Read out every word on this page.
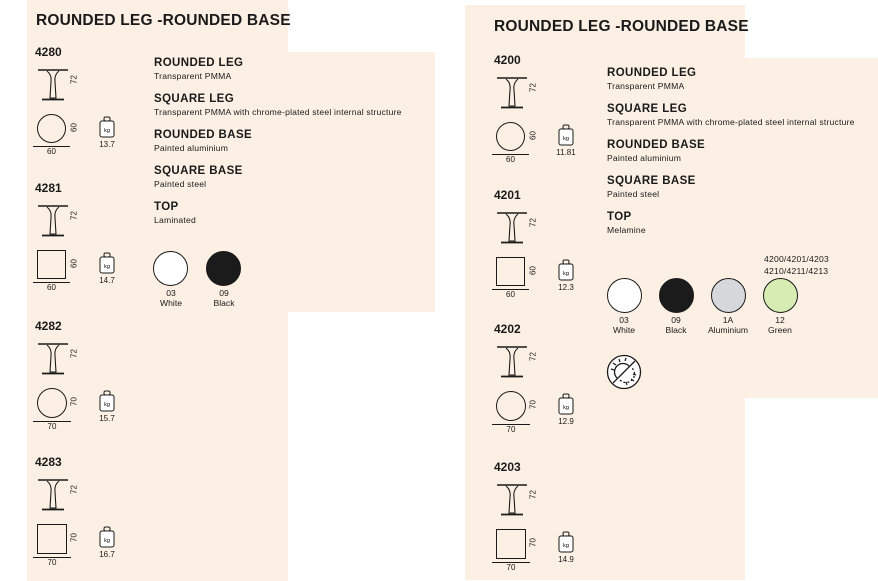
ROUNDED LEG -ROUNDED BASE
ROUNDED LEG
Transparent PMMA
SQUARE LEG
Transparent PMMA with chrome-plated steel internal structure
ROUNDED BASE
Painted aluminium
SQUARE BASE
Painted steel
TOP
Laminated
03
White
09
Black
ROUNDED LEG -ROUNDED BASE
ROUNDED LEG
Transparent PMMA
SQUARE LEG
Transparent PMMA with chrome-plated steel internal structure
ROUNDED BASE
Painted aluminium
SQUARE BASE
Painted steel
TOP
Melamine
4200/4201/4203
4210/4211/4213
03
White
09
Black
1A
Aluminium
12
Green
4280
72
60
60
kg
13.7
4281
72
60
60
kg
14.7
4282
72
70
70
kg
15.7
4283
72
70
70
kg
16.7
4200
72
60
60
kg
11.81
4201
72
60
60
kg
12.3
4202
72
70
70
kg
12.9
4203
72
70
70
kg
14.9
